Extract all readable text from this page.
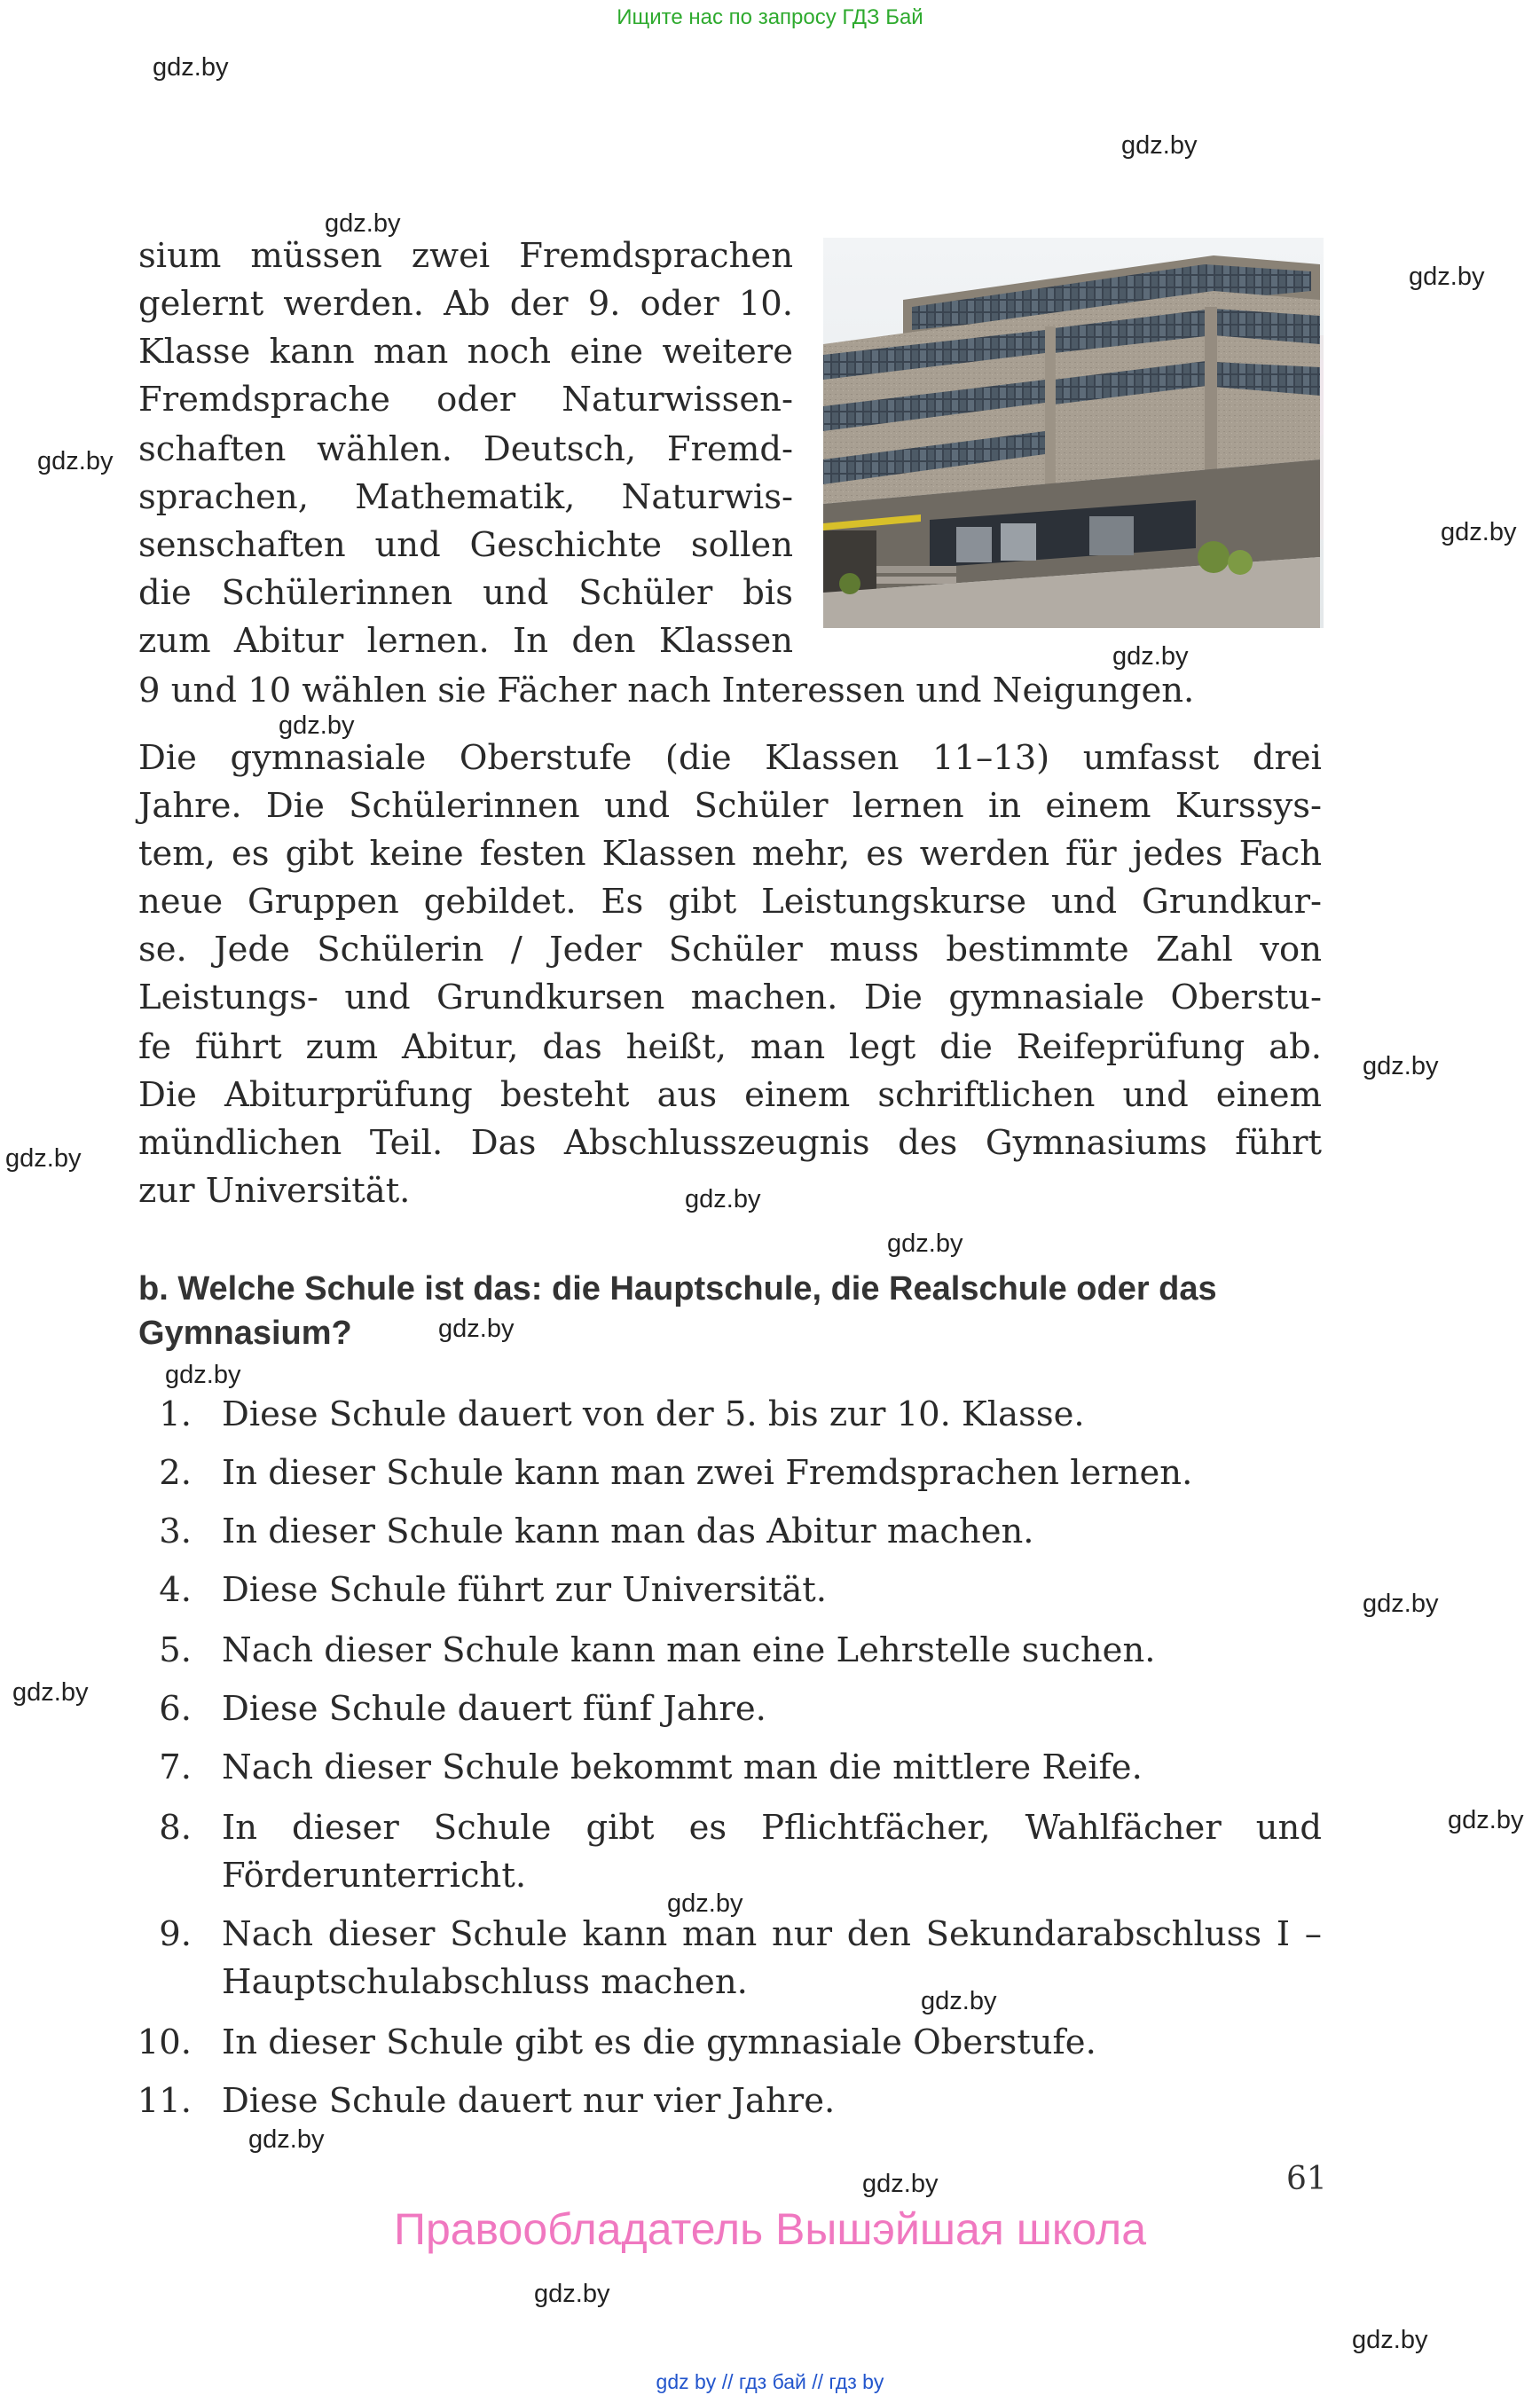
Ищите нас по запросу ГДЗ Бай
gdz.by
gdz.by
gdz.by
gdz.by
gdz.by
gdz.by
gdz.by
gdz.by
gdz.by
gdz.by
gdz.by
gdz.by
gdz.by
gdz.by
gdz.by
gdz.by
gdz.by
gdz.by
gdz.by
gdz.by
gdz.by
gdz.by
gdz.by
sium müssen zwei Fremdsprachen
gelernt werden. Ab der 9. oder 10.
Klasse kann man noch eine weitere
Fremdsprache oder Naturwissen-
schaften wählen. Deutsch, Fremd-
sprachen, Mathematik, Naturwis-
senschaften und Geschichte sollen
die Schülerinnen und Schüler bis
zum Abitur lernen. In den Klassen
9 und 10 wählen sie Fächer nach Interessen und Neigungen.
Die gymnasiale Oberstufe (die Klassen 11–13) umfasst drei
Jahre. Die Schülerinnen und Schüler lernen in einem Kurssys-
tem, es gibt keine festen Klassen mehr, es werden für jedes Fach
neue Gruppen gebildet. Es gibt Leistungskurse und Grundkur-
se. Jede Schülerin / Jeder Schüler muss bestimmte Zahl von
Leistungs- und Grundkursen machen. Die gymnasiale Oberstu-
fe führt zum Abitur, das heißt, man legt die Reifeprüfung ab.
Die Abiturprüfung besteht aus einem schriftlichen und einem
mündlichen Teil. Das Abschlusszeugnis des Gymnasiums führt
zur Universität.
b. Welche Schule ist das: die Hauptschule, die Realschule oder das
Gymnasium?
1. Diese Schule dauert von der 5. bis zur 10. Klasse.
2. In dieser Schule kann man zwei Fremdsprachen lernen.
3. In dieser Schule kann man das Abitur machen.
4. Diese Schule führt zur Universität.
5. Nach dieser Schule kann man eine Lehrstelle suchen.
6. Diese Schule dauert fünf Jahre.
7. Nach dieser Schule bekommt man die mittlere Reife.
8. In dieser Schule gibt es Pflichtfächer, Wahlfächer und
Förderunterricht.
9. Nach dieser Schule kann man nur den Sekundarabschluss I –
Hauptschulabschluss machen.
10. In dieser Schule gibt es die gymnasiale Oberstufe.
11. Diese Schule dauert nur vier Jahre.
61
Правообладатель Вышэйшая школа
gdz by // гдз бай // гдз by
